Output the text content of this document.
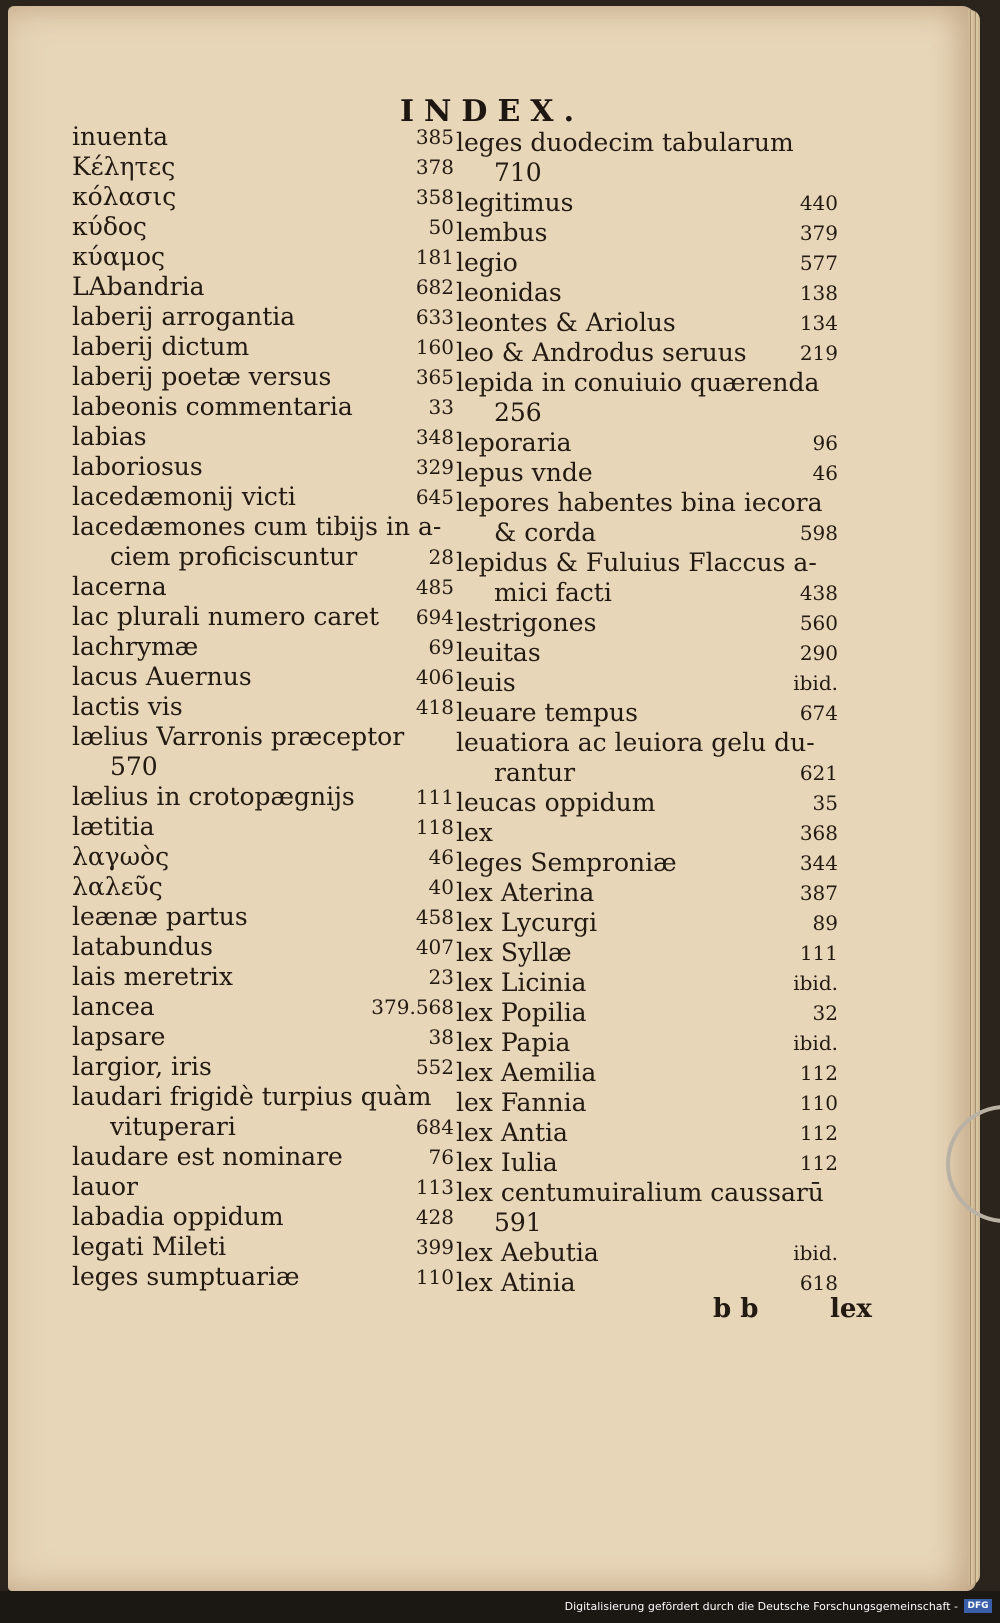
INDEX.
inuenta	385
Κέλητες	378
κόλασις	358
κύδος	50
κύαμος	181
LAbandria	682
laberij arrogantia	633
laberij dictum	160
laberij poetæ versus	365
labeonis commentaria	33
labias	348
laboriosus	329
lacedæmonij victi	645
lacedæmones cum tibijs in a-
ciem proficiscuntur	28
lacerna	485
lac plurali numero caret 694
lachrymæ	69
lacus Auernus	406
lactis vis	418
lælius Varronis præceptor
570
lælius in crotopægnijs	111
lætitia	118
λαγωὸς	46
λαλεῦς	40
leænæ partus	458
latabundus	407
lais meretrix	23
lancea	379.568
lapsare	38
largior, iris	552
laudari frigidè turpius quàm
vituperari	684
laudare est nominare	76
lauor	113
labadia oppidum	428
legati Mileti	399
leges sumptuariæ	110
leges duodecim tabularum
710
legitimus	440
lembus	379
legio	577
leonidas	138
leontes & Ariolus	134
leo & Androdus seruus	219
lepida in conuiuio quærenda
256
leporaria	96
lepus vnde	46
lepores habentes bina iecora
& corda	598
lepidus & Fuluius Flaccus a-
mici facti	438
lestrigones	560
leuitas	290
leuis	ibid.
leuare tempus	674
leuatiora ac leuiora gelu du-
rantur	621
leucas oppidum	35
lex	368
leges Semproniæ	344
lex Aterina	387
lex Lycurgi	89
lex Syllæ	111
lex Licinia	ibid.
lex Popilia	32
lex Papia	ibid.
lex Aemilia	112
lex Fannia	110
lex Antia	112
lex Iulia	112
lex centumuiralium caussarū
591
lex Aebutia	ibid.
lex Atinia	618
b b	lex
Digitalisierung gefördert durch die Deutsche Forschungsgemeinschaft -	DFG
